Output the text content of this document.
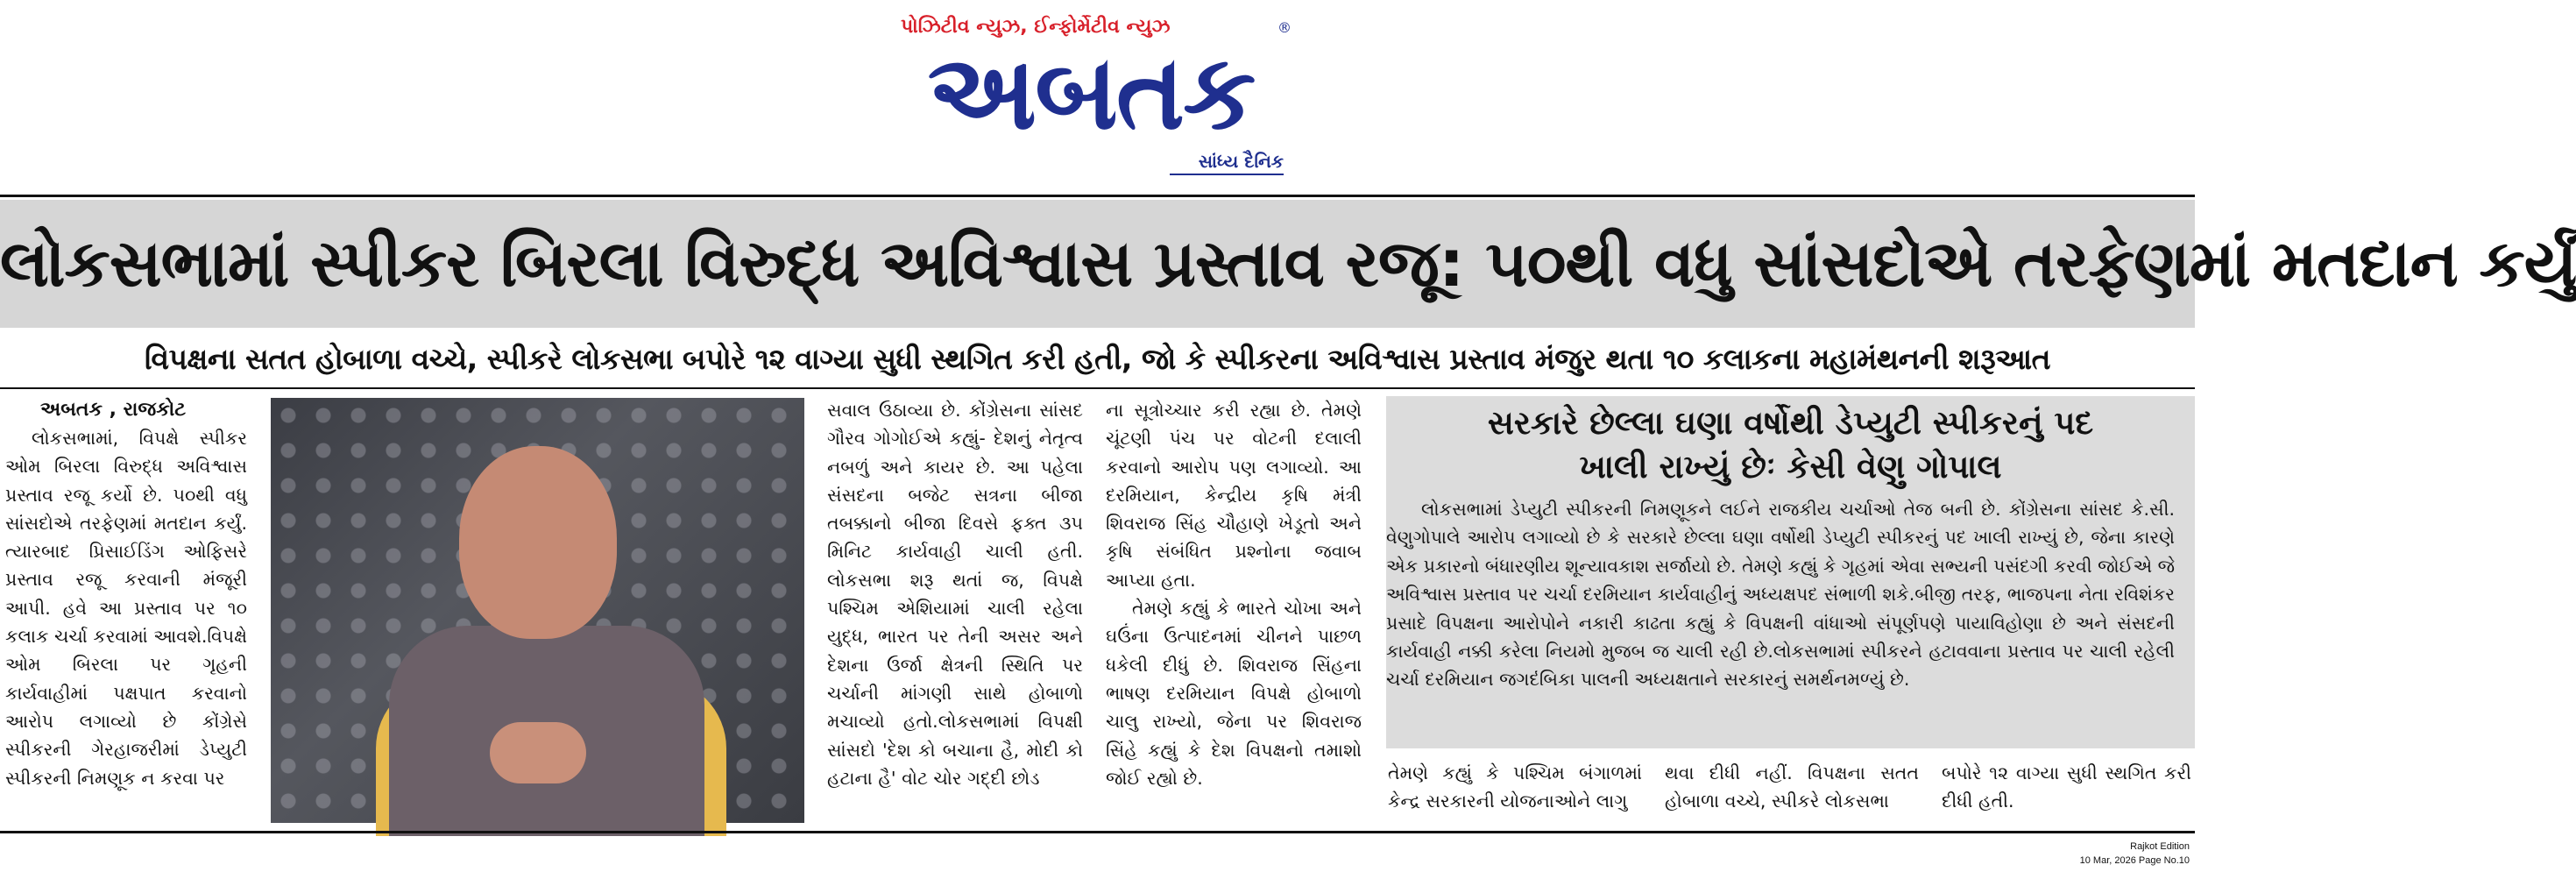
પોઝિટીવ ન્યુઝ, ઈન્ફોર્મેટીવ ન્યુઝ
અબતક
®
સાંધ્ય દૈનિક
લોકસભામાં સ્પીકર બિરલા વિરુદ્ધ અવિશ્વાસ પ્રસ્તાવ રજૂ: ૫૦થી વધુ સાંસદોએ તરફેણમાં મતદાન કર્યું
વિપક્ષના સતત હોબાળા વચ્ચે, સ્પીકરે લોકસભા બપોરે ૧૨ વાગ્યા સુધી સ્થગિત કરી હતી, જો કે સ્પીકરના અવિશ્વાસ પ્રસ્તાવ મંજુર થતા ૧૦ કલાકના મહામંથનની શરૂઆત
અબતક , રાજકોટ

લોકસભામાં, વિપક્ષે સ્પીકર ઓમ બિરલા વિરુદ્ધ અવિશ્વાસ પ્રસ્તાવ રજૂ કર્યો છે. ૫૦થી વધુ સાંસદોએ તરફેણમાં મતદાન કર્યું. ત્યારબાદ પ્રિસાઈડિંગ ઓફિસરે પ્રસ્તાવ રજૂ કરવાની મંજૂરી આપી. હવે આ પ્રસ્તાવ પર ૧૦ કલાક ચર્ચા કરવામાં આવશે.વિપક્ષે ઓમ બિરલા પર ગૃહની કાર્યવાહીમાં પક્ષપાત કરવાનો આરોપ લગાવ્યો છે કોંગ્રેસે સ્પીકરની ગેરહાજરીમાં ડેપ્યુટી સ્પીકરની નિમણૂક ન કરવા પર

સવાલ ઉઠાવ્યા છે. કોંગ્રેસના સાંસદ ગૌરવ ગોગોઈએ કહ્યું- દેશનું નેતૃત્વ નબળું અને કાયર છે. આ પહેલા સંસદના બજેટ સત્રના બીજા તબક્કાનો બીજા દિવસે ફક્ત ૩૫ મિનિટ કાર્યવાહી ચાલી હતી. લોકસભા શરૂ થતાં જ, વિપક્ષે પશ્ચિમ એશિયામાં ચાલી રહેલા યુદ્ધ, ભારત પર તેની અસર અને દેશના ઉર્જા ક્ષેત્રની સ્થિતિ પર ચર્ચાની માંગણી સાથે હોબાળો મચાવ્યો હતો.લોકસભામાં વિપક્ષી સાંસદો 'દેશ કો બચાના હૈ, મોદી કો હટાના હૈ' વોટ ચોર ગદ્દી છોડ

ના સૂત્રોચ્ચાર કરી રહ્યા છે. તેમણે ચૂંટણી પંચ પર વોટની દલાલી કરવાનો આરોપ પણ લગાવ્યો. આ દરમિયાન, કેન્દ્રીય કૃષિ મંત્રી શિવરાજ સિંહ ચૌહાણે ખેડૂતો અને કૃષિ સંબંધિત પ્રશ્નોના જવાબ આપ્યા હતા.

તેમણે કહ્યું કે ભારતે ચોખા અને ઘઉંના ઉત્પાદનમાં ચીનને પાછળ ધકેલી દીધું છે. શિવરાજ સિંહના ભાષણ દરમિયાન વિપક્ષે હોબાળો ચાલુ રાખ્યો, જેના પર શિવરાજ સિંહે કહ્યું કે દેશ વિપક્ષનો તમાશો જોઈ રહ્યો છે.

સરકારે છેલ્લા ઘણા વર્ષોથી ડેપ્યુટી સ્પીકરનું પદ
ખાલી રાખ્યું છેઃ કેસી વેણુ ગોપાલ

લોકસભામાં ડેપ્યુટી સ્પીકરની નિમણૂકને લઈને રાજકીય ચર્ચાઓ તેજ બની છે. કોંગ્રેસના સાંસદ કે.સી. વેણુગોપાલે આરોપ લગાવ્યો છે કે સરકારે છેલ્લા ઘણા વર્ષોથી ડેપ્યુટી સ્પીકરનું પદ ખાલી રાખ્યું છે, જેના કારણે એક પ્રકારનો બંધારણીય શૂન્યાવકાશ સર્જાયો છે. તેમણે કહ્યું કે ગૃહમાં એવા સભ્યની પસંદગી કરવી જોઈએ જે અવિશ્વાસ પ્રસ્તાવ પર ચર્ચા દરમિયાન કાર્યવાહીનું અધ્યક્ષપદ સંભાળી શકે.બીજી તરફ, ભાજપના નેતા રવિશંકર પ્રસાદે વિપક્ષના આરોપોને નકારી કાઢતા કહ્યું કે વિપક્ષની વાંધાઓ સંપૂર્ણપણે પાયાવિહોણા છે અને સંસદની કાર્યવાહી નક્કી કરેલા નિયમો મુજબ જ ચાલી રહી છે.લોકસભામાં સ્પીકરને હટાવવાના પ્રસ્તાવ પર ચાલી રહેલી ચર્ચા દરમિયાન જગદંબિકા પાલની અધ્યક્ષતાને સરકારનું સમર્થનમળ્યું છે.

તેમણે કહ્યું કે પશ્ચિમ બંગાળમાં કેન્દ્ર સરકારની યોજનાઓને લાગુ

થવા દીધી નહીં. વિપક્ષના સતત હોબાળા વચ્ચે, સ્પીકરે લોકસભા

બપોરે ૧૨ વાગ્યા સુધી સ્થગિત કરી દીધી હતી.

Rajkot Edition
10 Mar, 2026 Page No.10
